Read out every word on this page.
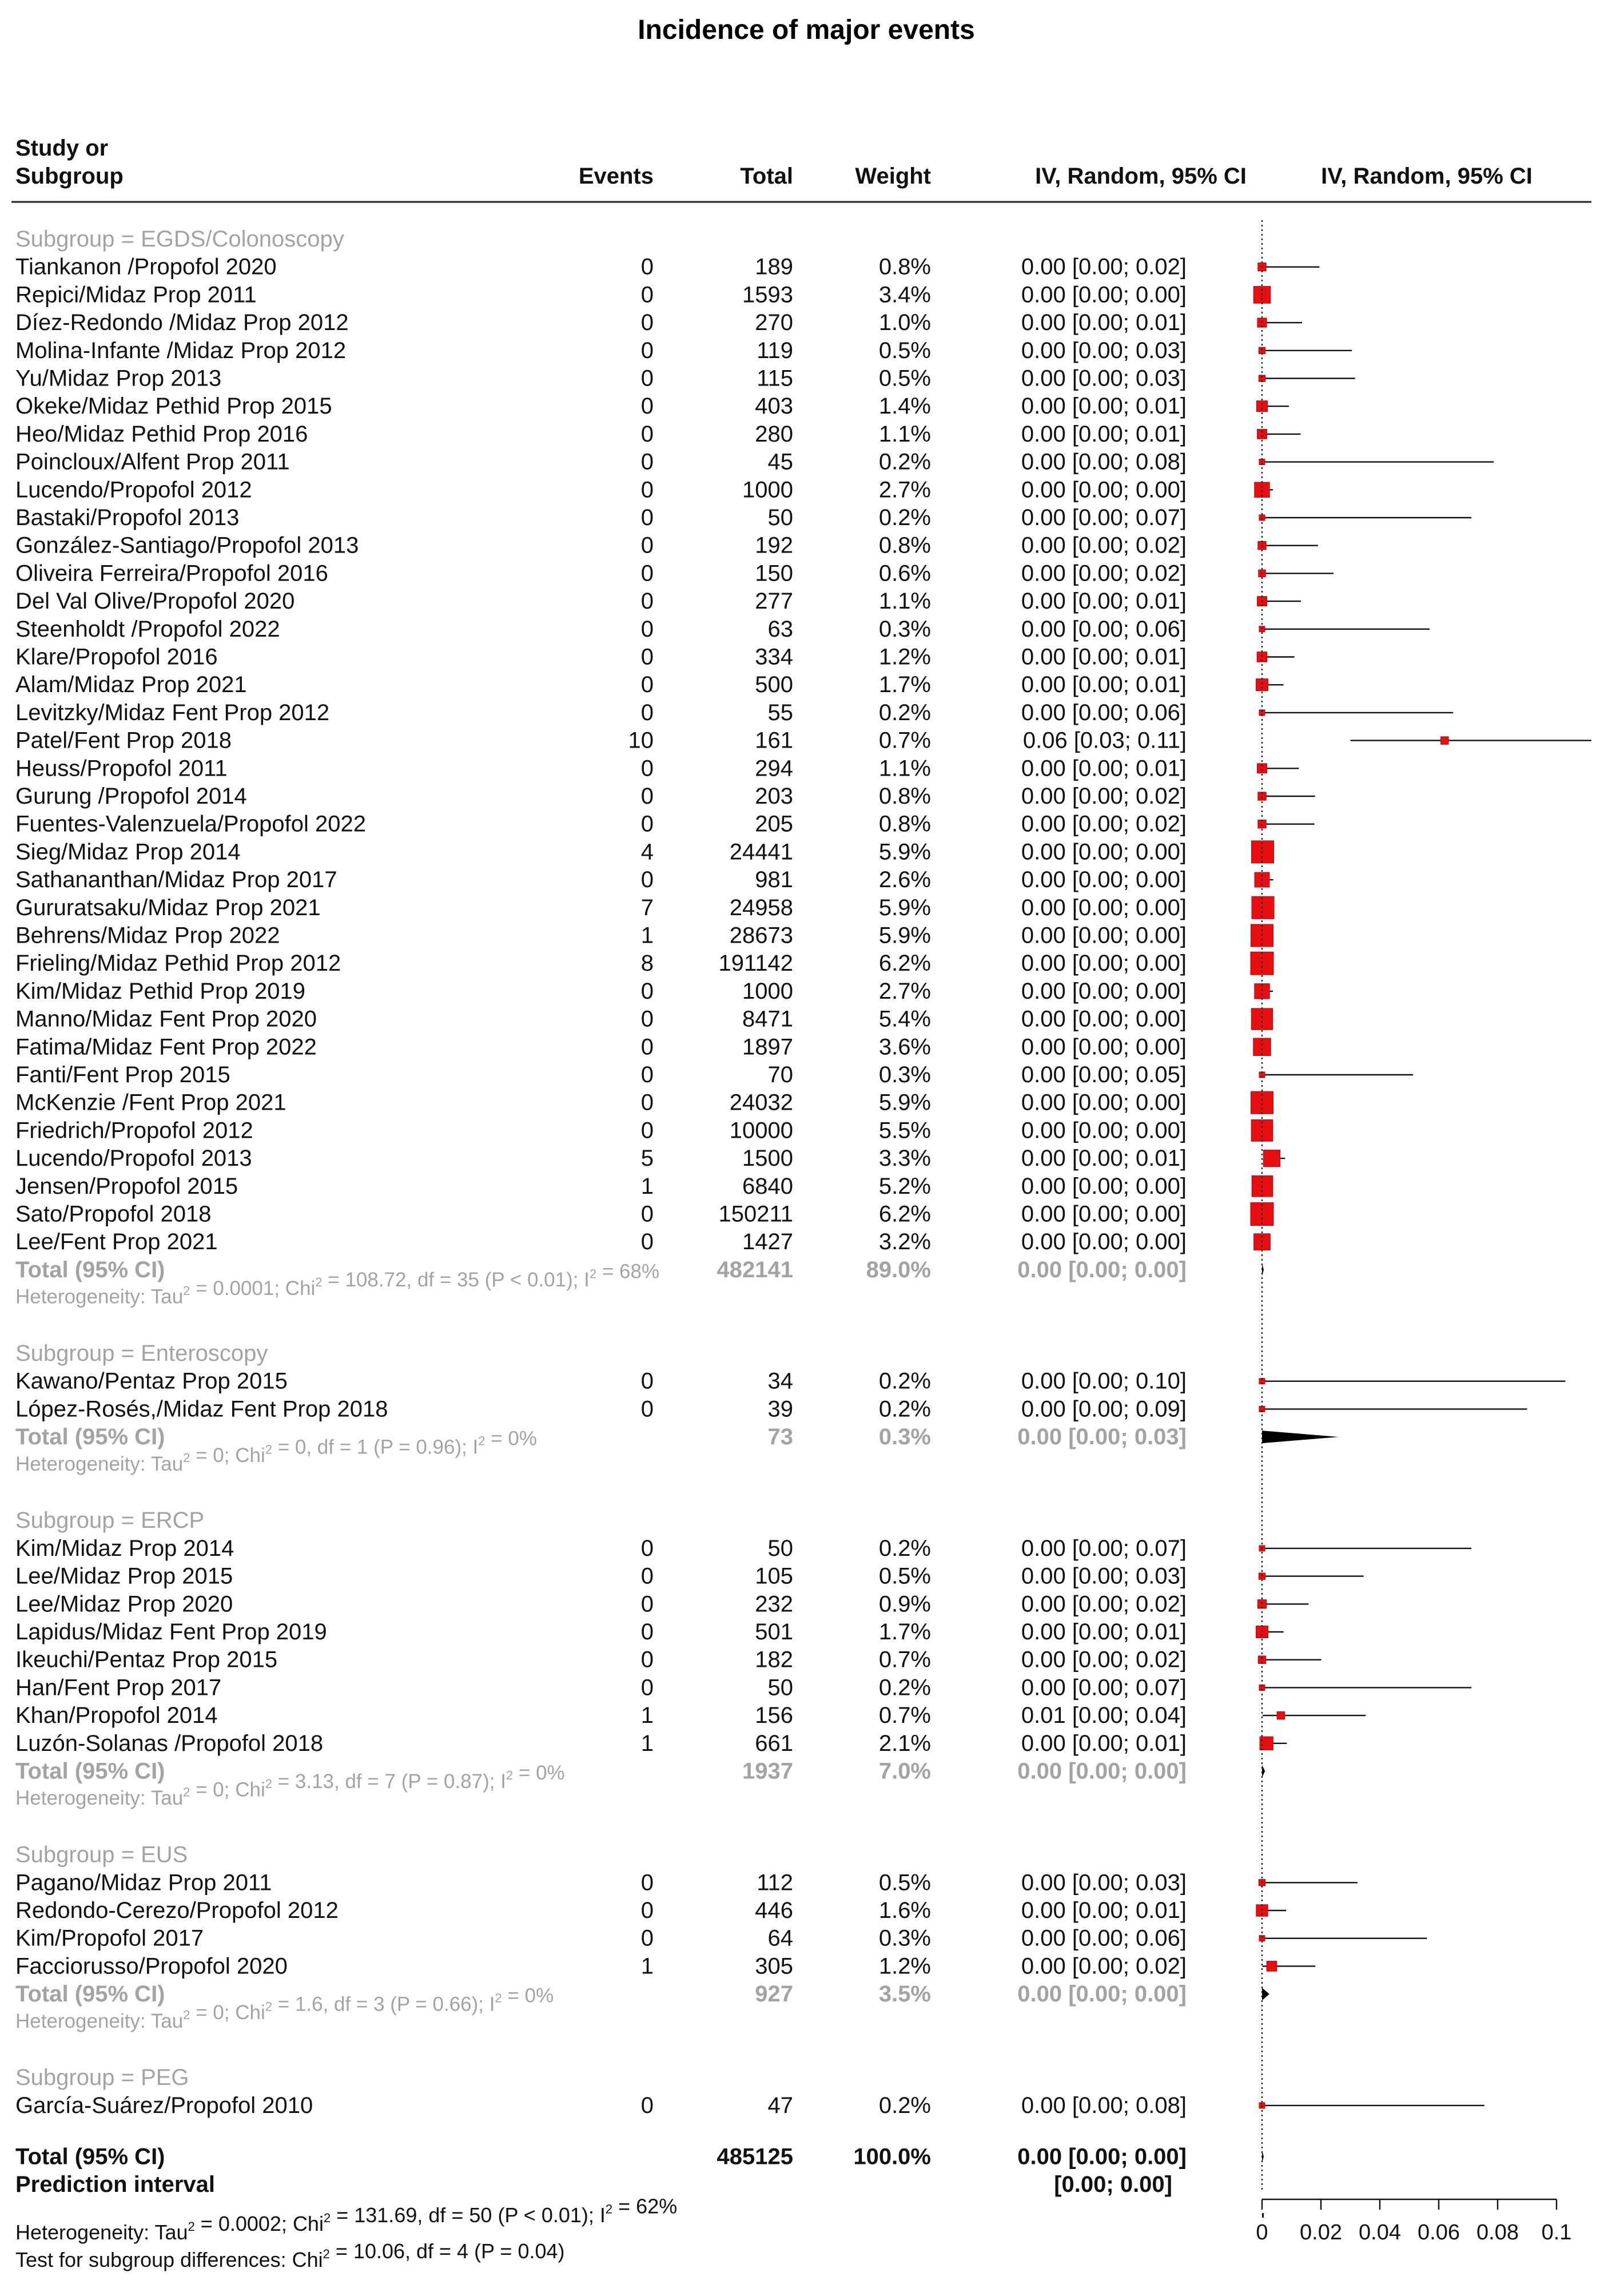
Incidence of major events
Study or
Subgroup	Events	Total	Weight	IV, Random, 95% CI	IV, Random, 95% CI
Subgroup = EGDS/Colonoscopy
Tiankanon /Propofol 2020	0	189	0.8%	0.00 [0.00; 0.02]
Repici/Midaz Prop 2011	0	1593	3.4%	0.00 [0.00; 0.00]
Díez-Redondo /Midaz Prop 2012	0	270	1.0%	0.00 [0.00; 0.01]
Molina-Infante /Midaz Prop 2012	0	119	0.5%	0.00 [0.00; 0.03]
Yu/Midaz Prop 2013	0	115	0.5%	0.00 [0.00; 0.03]
Okeke/Midaz Pethid Prop 2015	0	403	1.4%	0.00 [0.00; 0.01]
Heo/Midaz Pethid Prop 2016	0	280	1.1%	0.00 [0.00; 0.01]
Poincloux/Alfent Prop 2011	0	45	0.2%	0.00 [0.00; 0.08]
Lucendo/Propofol 2012	0	1000	2.7%	0.00 [0.00; 0.00]
Bastaki/Propofol 2013	0	50	0.2%	0.00 [0.00; 0.07]
González-Santiago/Propofol 2013	0	192	0.8%	0.00 [0.00; 0.02]
Oliveira Ferreira/Propofol 2016	0	150	0.6%	0.00 [0.00; 0.02]
Del Val Olive/Propofol 2020	0	277	1.1%	0.00 [0.00; 0.01]
Steenholdt /Propofol 2022	0	63	0.3%	0.00 [0.00; 0.06]
Klare/Propofol 2016	0	334	1.2%	0.00 [0.00; 0.01]
Alam/Midaz Prop 2021	0	500	1.7%	0.00 [0.00; 0.01]
Levitzky/Midaz Fent Prop 2012	0	55	0.2%	0.00 [0.00; 0.06]
Patel/Fent Prop 2018	10	161	0.7%	0.06 [0.03; 0.11]
Heuss/Propofol 2011	0	294	1.1%	0.00 [0.00; 0.01]
Gurung /Propofol 2014	0	203	0.8%	0.00 [0.00; 0.02]
Fuentes-Valenzuela/Propofol 2022	0	205	0.8%	0.00 [0.00; 0.02]
Sieg/Midaz Prop 2014	4	24441	5.9%	0.00 [0.00; 0.00]
Sathananthan/Midaz Prop 2017	0	981	2.6%	0.00 [0.00; 0.00]
Gururatsaku/Midaz Prop 2021	7	24958	5.9%	0.00 [0.00; 0.00]
Behrens/Midaz Prop 2022	1	28673	5.9%	0.00 [0.00; 0.00]
Frieling/Midaz Pethid Prop 2012	8	191142	6.2%	0.00 [0.00; 0.00]
Kim/Midaz Pethid Prop 2019	0	1000	2.7%	0.00 [0.00; 0.00]
Manno/Midaz Fent Prop 2020	0	8471	5.4%	0.00 [0.00; 0.00]
Fatima/Midaz Fent Prop 2022	0	1897	3.6%	0.00 [0.00; 0.00]
Fanti/Fent Prop 2015	0	70	0.3%	0.00 [0.00; 0.05]
McKenzie /Fent Prop 2021	0	24032	5.9%	0.00 [0.00; 0.00]
Friedrich/Propofol 2012	0	10000	5.5%	0.00 [0.00; 0.00]
Lucendo/Propofol 2013	5	1500	3.3%	0.00 [0.00; 0.01]
Jensen/Propofol 2015	1	6840	5.2%	0.00 [0.00; 0.00]
Sato/Propofol 2018	0	150211	6.2%	0.00 [0.00; 0.00]
Lee/Fent Prop 2021	0	1427	3.2%	0.00 [0.00; 0.00]
Total (95% CI)	482141	89.0%	0.00 [0.00; 0.00]
Heterogeneity: Tau$^2$ = 0.0001; Chi$^2$ = 108.72, df = 35 (P < 0.01); $I^2 = 68\%$
Subgroup = Enteroscopy
Kawano/Pentaz Prop 2015	0	34	0.2%	0.00 [0.00; 0.10]
López-Rosés,/Midaz Fent Prop 2018	0	39	0.2%	0.00 [0.00; 0.09]
Total (95% CI)	73	0.3%	0.00 [0.00; 0.03]
Heterogeneity: Tau$^2$ = 0; Chi$^2$ = 0, df = 1 (P = 0.96); $I^2 = 0\%$
Subgroup = ERCP
Kim/Midaz Prop 2014	0	50	0.2%	0.00 [0.00; 0.07]
Lee/Midaz Prop 2015	0	105	0.5%	0.00 [0.00; 0.03]
Lee/Midaz Prop 2020	0	232	0.9%	0.00 [0.00; 0.02]
Lapidus/Midaz Fent Prop 2019	0	501	1.7%	0.00 [0.00; 0.01]
Ikeuchi/Pentaz Prop 2015	0	182	0.7%	0.00 [0.00; 0.02]
Han/Fent Prop 2017	0	50	0.2%	0.00 [0.00; 0.07]
Khan/Propofol 2014	1	156	0.7%	0.01 [0.00; 0.04]
Luzón-Solanas /Propofol 2018	1	661	2.1%	0.00 [0.00; 0.01]
Total (95% CI)	1937	7.0%	0.00 [0.00; 0.00]
Heterogeneity: Tau$^2$ = 0; Chi$^2$ = 3.13, df = 7 (P = 0.87); $I^2 = 0\%$
Subgroup = EUS
Pagano/Midaz Prop 2011	0	112	0.5%	0.00 [0.00; 0.03]
Redondo-Cerezo/Propofol 2012	0	446	1.6%	0.00 [0.00; 0.01]
Kim/Propofol 2017	0	64	0.3%	0.00 [0.00; 0.06]
Facciorusso/Propofol 2020	1	305	1.2%	0.00 [0.00; 0.02]
Total (95% CI)	927	3.5%	0.00 [0.00; 0.00]
Heterogeneity: Tau$^2$ = 0; Chi$^2$ = 1.6, df = 3 (P = 0.66); $I^2 = 0\%$
Subgroup = PEG
García-Suárez/Propofol 2010	0	47	0.2%	0.00 [0.00; 0.08]
Total (95% CI)	485125	100.0%	0.00 [0.00; 0.00]
Prediction interval	[0.00; 0.00]
0 0.02 0.04 0.06 0.08 0.1
Heterogeneity: Tau$^2$ = 0.0002; Chi$^2$ = 131.69, df = 50 (P < 0.01); $I^2 = 62\%$
Test for subgroup differences: Chi$^2$ = 10.06, df = 4 (P = 0.04)
